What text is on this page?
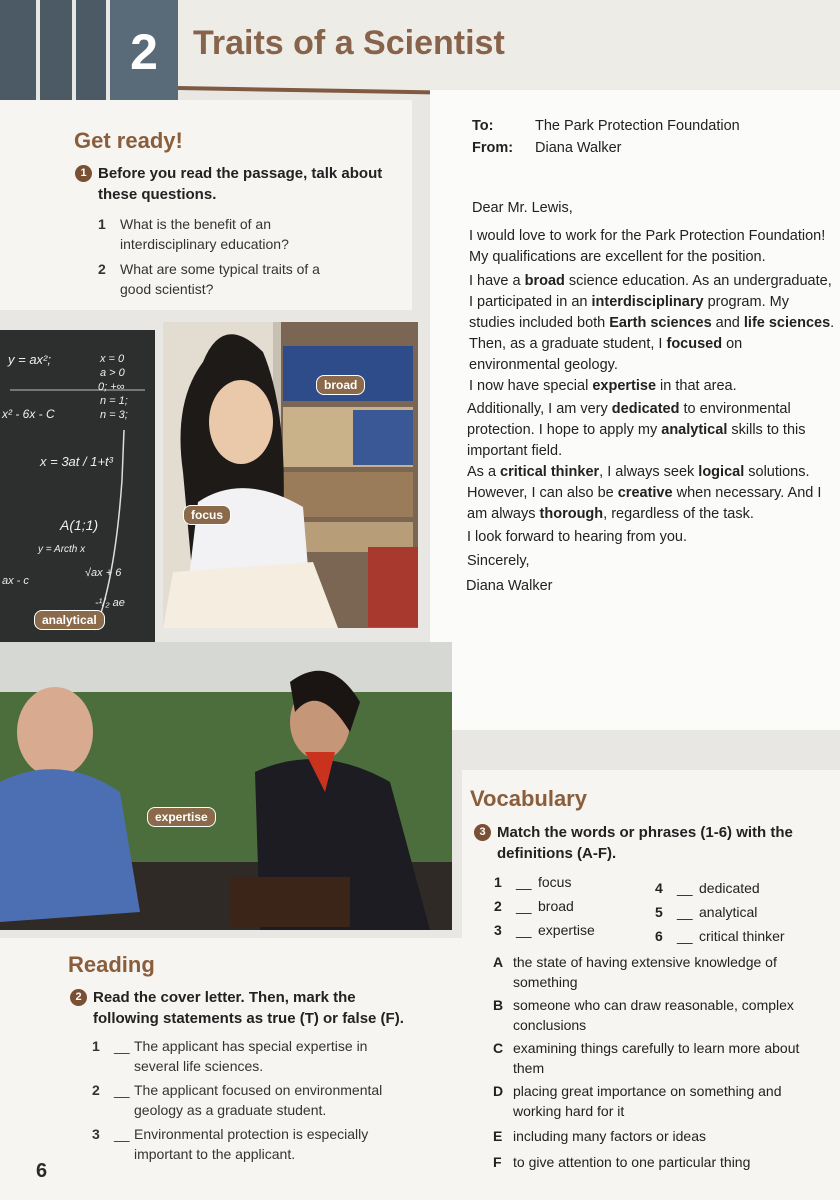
2	Traits of a Scientist
Get ready!
1 Before you read the passage, talk about these questions.
1	What is the benefit of an interdisciplinary education?
2	What are some typical traits of a good scientist?
To:	The Park Protection Foundation
From: Diana Walker
Dear Mr. Lewis,
I would love to work for the Park Protection Foundation! My qualifications are excellent for the position.
I have a broad science education. As an undergraduate, I participated in an interdisciplinary program. My studies included both Earth sciences and life sciences. Then, as a graduate student, I focused on environmental geology.
I now have special expertise in that area.
Additionally, I am very dedicated to environmental protection. I hope to apply my analytical skills to this important field.
As a critical thinker, I always seek logical solutions. However, I can also be creative when necessary. And I am always thorough, regardless of the task.
I look forward to hearing from you.
Sincerely,
Diana Walker
y = ax²;	x = 0
a > 0
0; +∞
n = 1;
n = 3;
x² - 6x - C
x = 3at / 1+t³
A(1;1)
y = Arcth x
√ax + 6
ax - c
-¹/₂ ae
analytical
broad
focus
expertise
Reading
2 Read the cover letter. Then, mark the following statements as true (T) or false (F).
1	__ The applicant has special expertise in several life sciences.
2	__ The applicant focused on environmental geology as a graduate student.
3	__ Environmental protection is especially important to the applicant.
6
Vocabulary
3 Match the words or phrases (1-6) with the definitions (A-F).
1	__ focus
2	__ broad
3	__ expertise
4	__ dedicated
5	__ analytical
6	__ critical thinker
A the state of having extensive knowledge of something
B someone who can draw reasonable, complex conclusions
C examining things carefully to learn more about them
D placing great importance on something and working hard for it
E including many factors or ideas
F to give attention to one particular thing
